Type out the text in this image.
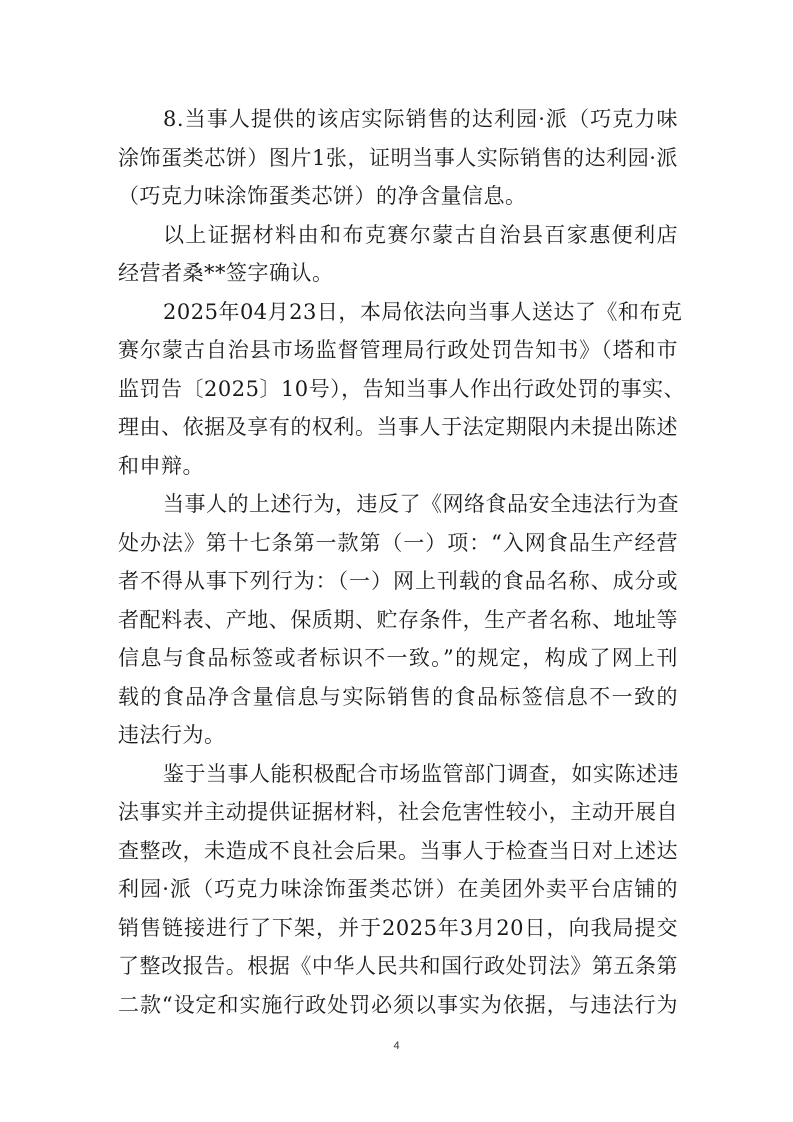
8.当事人提供的该店实际销售的达利园·派（巧克力味
涂饰蛋类芯饼）图片1张，证明当事人实际销售的达利园·派
（巧克力味涂饰蛋类芯饼）的净含量信息。
以上证据材料由和布克赛尔蒙古自治县百家惠便利店
经营者桑**签字确认。
2025年04月23日，本局依法向当事人送达了《和布克
赛尔蒙古自治县市场监督管理局行政处罚告知书》（塔和市
监罚告〔2025〕10号），告知当事人作出行政处罚的事实、
理由、依据及享有的权利。当事人于法定期限内未提出陈述
和申辩。
当事人的上述行为，违反了《网络食品安全违法行为查
处办法》第十七条第一款第（一）项：“入网食品生产经营
者不得从事下列行为：（一）网上刊载的食品名称、成分或
者配料表、产地、保质期、贮存条件，生产者名称、地址等
信息与食品标签或者标识不一致。”的规定，构成了网上刊
载的食品净含量信息与实际销售的食品标签信息不一致的
违法行为。
鉴于当事人能积极配合市场监管部门调查，如实陈述违
法事实并主动提供证据材料，社会危害性较小，主动开展自
查整改，未造成不良社会后果。当事人于检查当日对上述达
利园·派（巧克力味涂饰蛋类芯饼）在美团外卖平台店铺的
销售链接进行了下架，并于2025年3月20日，向我局提交
了整改报告。根据《中华人民共和国行政处罚法》第五条第
二款“设定和实施行政处罚必须以事实为依据，与违法行为
4
